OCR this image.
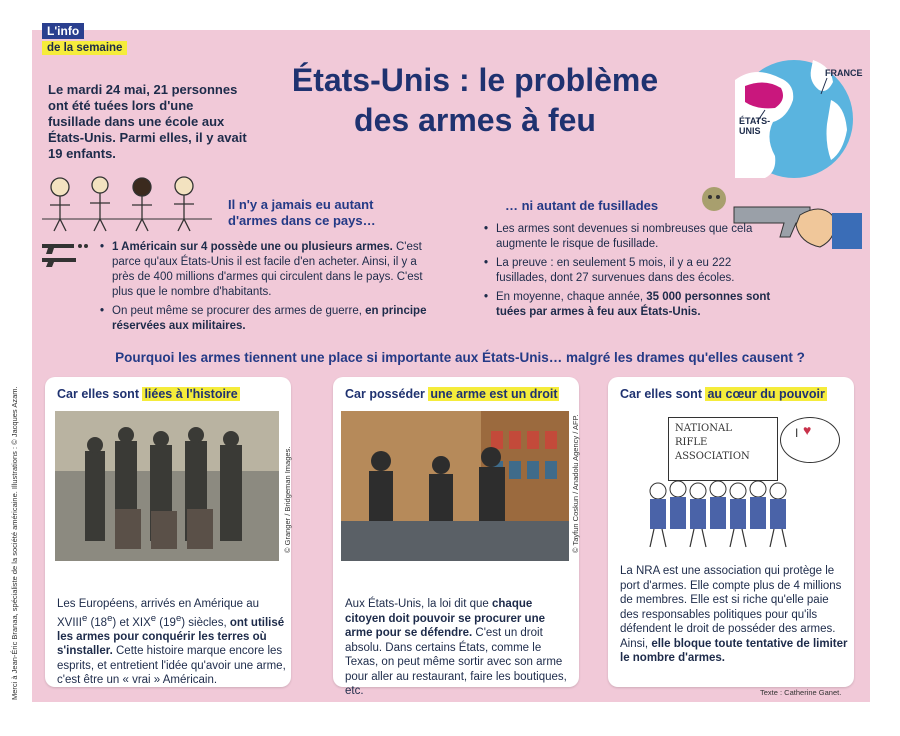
L'info
de la semaine
Merci à Jean-Éric Branaa, spécialiste de la société américaine. Illustrations : © Jacques Azam.

Le mardi 24 mai, 21 personnes ont été tuées lors d'une fusillade dans une école aux États-Unis. Parmi elles, il y avait 19 enfants.

États-Unis : le problème
des armes à feu
FRANCE
ÉTATS-
UNIS
Il n'y a jamais eu autant
d'armes dans ce pays…
• 1 Américain sur 4 possède une ou plusieurs armes. C'est parce qu'aux États-Unis il est facile d'en acheter. Ainsi, il y a près de 400 millions d'armes qui circulent dans le pays. C'est plus que le nombre d'habitants.
• On peut même se procurer des armes de guerre, en principe réservées aux militaires.
… ni autant de fusillades
• Les armes sont devenues si nombreuses que cela augmente le risque de fusillade.
• La preuve : en seulement 5 mois, il y a eu 222 fusillades, dont 27 survenues dans des écoles.
• En moyenne, chaque année, 35 000 personnes sont tuées par armes à feu aux États-Unis.

Pourquoi les armes tiennent une place si importante aux États-Unis… malgré les drames qu'elles causent ?

Car elles sont liées à l'histoire
© Granger / Bridgeman Images.

Les Européens, arrivés en Amérique au XVIIIe (18e) et XIXe (19e) siècles, ont utilisé les armes pour conquérir les terres où s'installer. Cette histoire marque encore les esprits, et entretient l'idée qu'avoir une arme, c'est être un « vrai » Américain.

Car posséder une arme est un droit
© Tayfun Coskun / Anadolu Agency / AFP.

Aux États-Unis, la loi dit que chaque citoyen doit pouvoir se procurer une arme pour se défendre. C'est un droit absolu. Dans certains États, comme le Texas, on peut même sortir avec son arme pour aller au restaurant, faire les boutiques, etc.

Car elles sont au cœur du pouvoir
NATIONAL
RIFLE
ASSOCIATION
I ♥

La NRA est une association qui protège le port d'armes. Elle compte plus de 4 millions de membres. Elle est si riche qu'elle paie des responsables politiques pour qu'ils défendent le droit de posséder des armes. Ainsi, elle bloque toute tentative de limiter le nombre d'armes.

Texte : Catherine Ganet.
